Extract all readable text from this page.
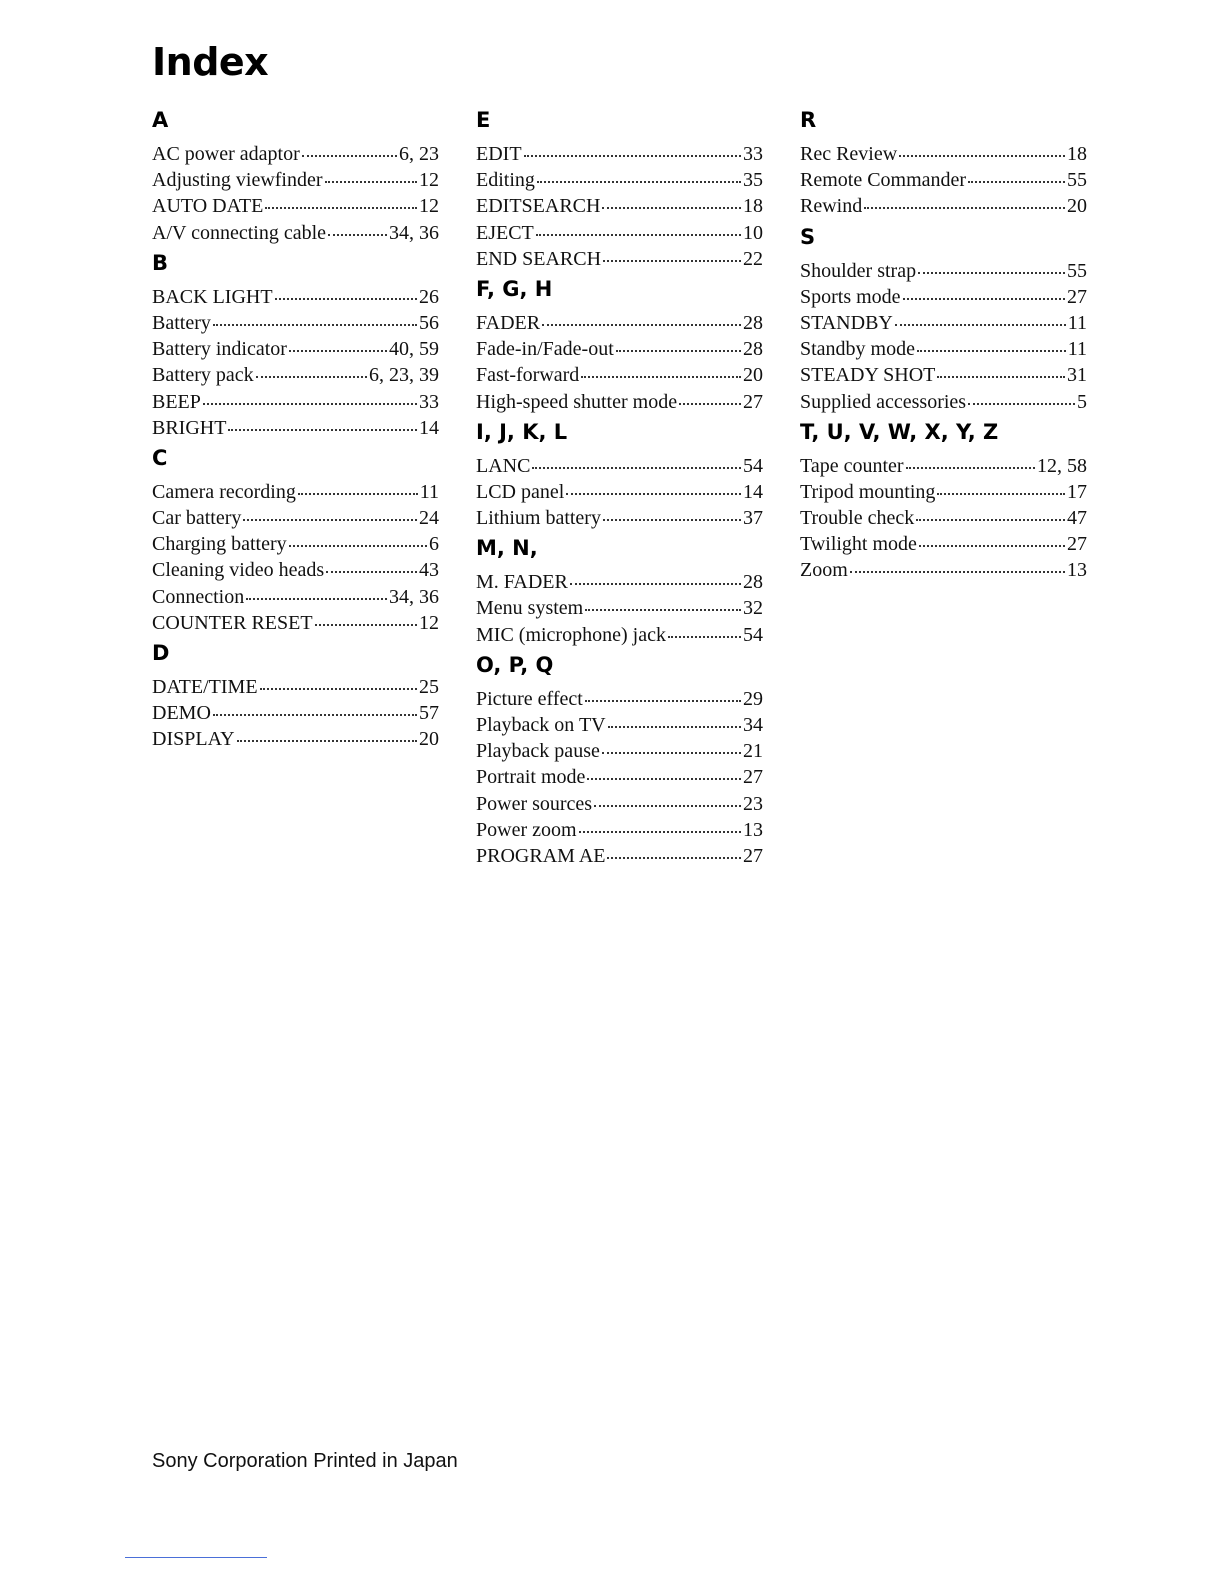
Index
A
AC power adaptor	6, 23
Adjusting viewfinder	12
AUTO DATE	12
A/V connecting cable	34, 36
B
BACK LIGHT	26
Battery	56
Battery indicator	40, 59
Battery pack	6, 23, 39
BEEP	33
BRIGHT	14
C
Camera recording	11
Car battery	24
Charging battery	6
Cleaning video heads	43
Connection	34, 36
COUNTER RESET	12
D
DATE/TIME	25
DEMO	57
DISPLAY	20
E
EDIT	33
Editing	35
EDITSEARCH	18
EJECT	10
END SEARCH	22
F, G, H
FADER	28
Fade-in/Fade-out	28
Fast-forward	20
High-speed shutter mode	27
I, J, K, L
LANC	54
LCD panel	14
Lithium battery	37
M, N,
M. FADER	28
Menu system	32
MIC (microphone) jack	54
O, P, Q
Picture effect	29
Playback on TV	34
Playback pause	21
Portrait mode	27
Power sources	23
Power zoom	13
PROGRAM AE	27
R
Rec Review	18
Remote Commander	55
Rewind	20
S
Shoulder strap	55
Sports mode	27
STANDBY	11
Standby mode	11
STEADY SHOT	31
Supplied accessories	5
T, U, V, W, X, Y, Z
Tape counter	12, 58
Tripod mounting	17
Trouble check	47
Twilight mode	27
Zoom	13
Sony Corporation Printed in Japan
